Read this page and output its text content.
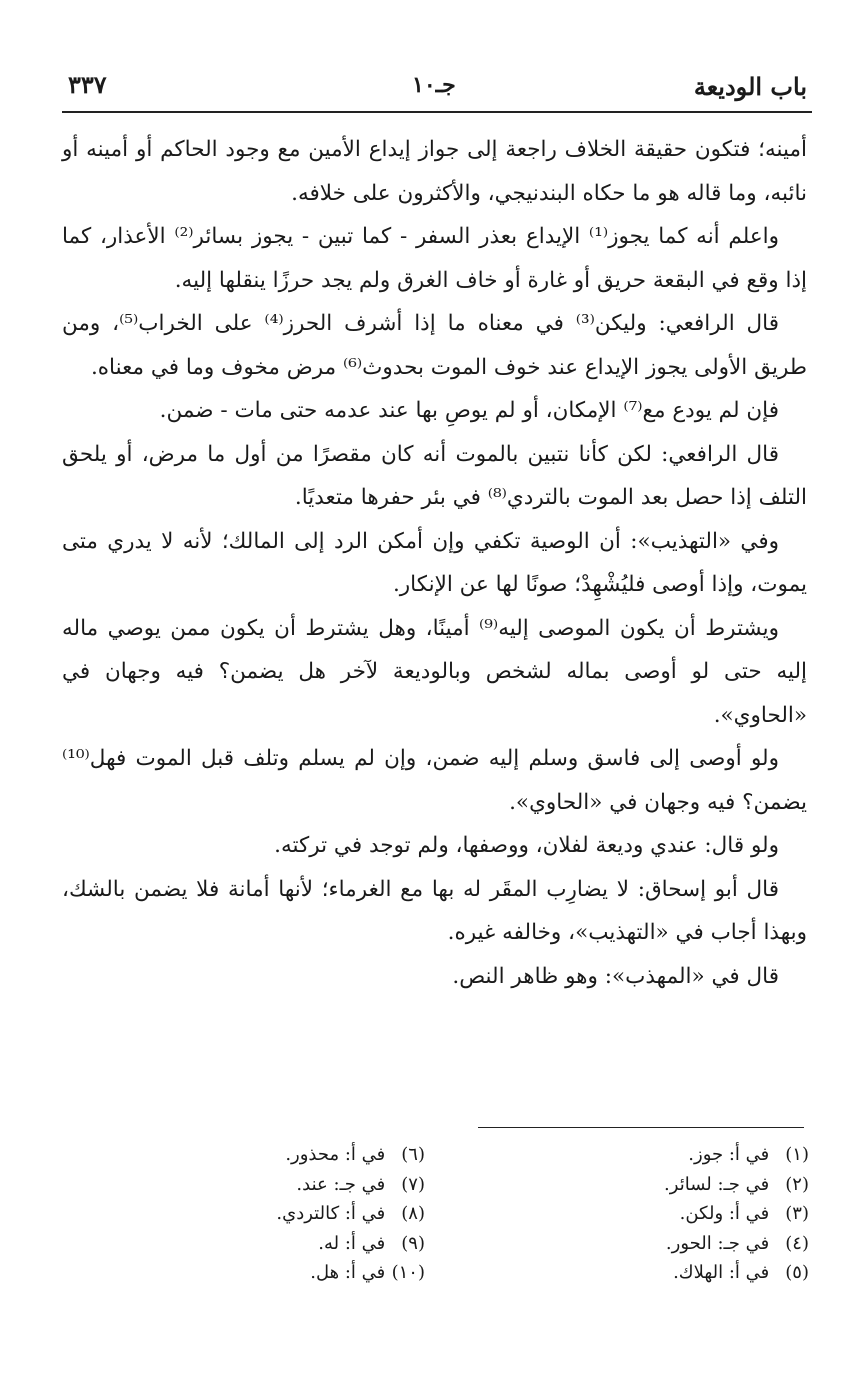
باب الوديعة
جـ١٠
٣٣٧

أمينه؛ فتكون حقيقة الخلاف راجعة إلى جواز إيداع الأمين مع وجود الحاكم أو أمينه أو نائبه، وما قاله هو ما حكاه البندنيجي، والأكثرون على خلافه.

واعلم أنه كما يجوز⁽¹⁾ الإيداع بعذر السفر - كما تبين - يجوز بسائر⁽²⁾ الأعذار، كما إذا وقع في البقعة حريق أو غارة أو خاف الغرق ولم يجد حرزًا ينقلها إليه.

قال الرافعي: وليكن⁽³⁾ في معناه ما إذا أشرف الحرز⁽⁴⁾ على الخراب⁽⁵⁾، ومن طريق الأولى يجوز الإيداع عند خوف الموت بحدوث⁽⁶⁾ مرض مخوف وما في معناه.

فإن لم يودع مع⁽⁷⁾ الإمكان، أو لم يوصِ بها عند عدمه حتى مات - ضمن.

قال الرافعي: لكن كأنا نتبين بالموت أنه كان مقصرًا من أول ما مرض، أو يلحق التلف إذا حصل بعد الموت بالتردي⁽⁸⁾ في بئر حفرها متعديًا.

وفي «التهذيب»: أن الوصية تكفي وإن أمكن الرد إلى المالك؛ لأنه لا يدري متى يموت، وإذا أوصى فليُشْهِدْ؛ صونًا لها عن الإنكار.

ويشترط أن يكون الموصى إليه⁽⁹⁾ أمينًا، وهل يشترط أن يكون ممن يوصي ماله إليه حتى لو أوصى بماله لشخص وبالوديعة لآخر هل يضمن؟ فيه وجهان في «الحاوي».

ولو أوصى إلى فاسق وسلم إليه ضمن، وإن لم يسلم وتلف قبل الموت فهل⁽¹⁰⁾ يضمن؟ فيه وجهان في «الحاوي».

ولو قال: عندي وديعة لفلان، ووصفها، ولم توجد في تركته.

قال أبو إسحاق: لا يضارِب المقَر له بها مع الغرماء؛ لأنها أمانة فلا يضمن بالشك، وبهذا أجاب في «التهذيب»، وخالفه غيره.

قال في «المهذب»: وهو ظاهر النص.

(١) في أ: جوز.
(٢) في جـ: لسائر.
(٣) في أ: ولكن.
(٤) في جـ: الحور.
(٥) في أ: الهلاك.
(٦) في أ: محذور.
(٧) في جـ: عند.
(٨) في أ: كالتردي.
(٩) في أ: له.
(١٠) في أ: هل.
